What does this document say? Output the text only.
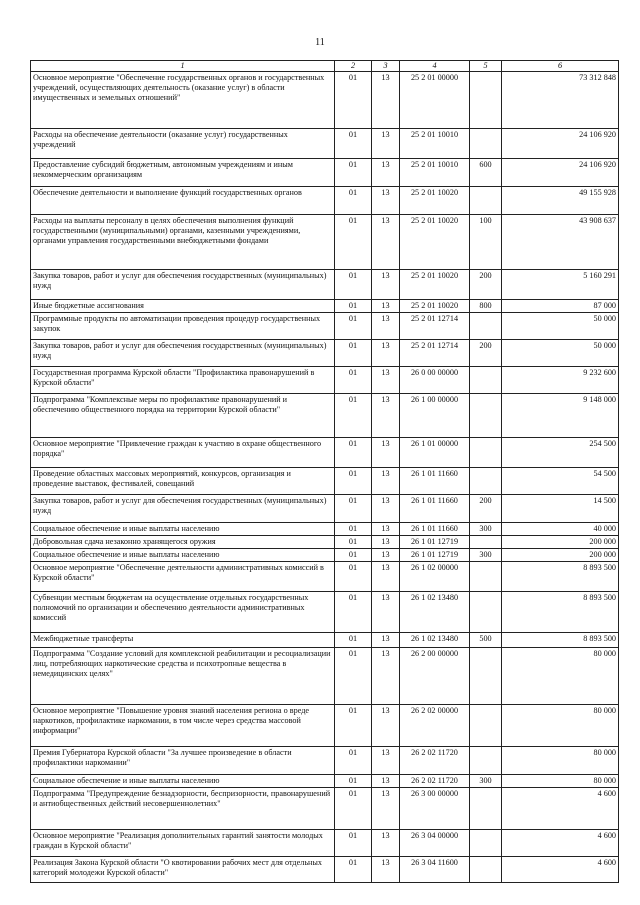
11
1	2	3	4	5	6
Основное мероприятие "Обеспечение государственных органов и государственных учреждений, осуществляющих деятельность (оказание услуг) в области имущественных и земельных отношений"	01	13	25 2 01 00000		73 312 848
Расходы на обеспечение деятельности (оказание услуг) государственных учреждений	01	13	25 2 01 10010		24 106 920
Предоставление субсидий бюджетным, автономным учреждениям и иным некоммерческим организациям	01	13	25 2 01 10010	600	24 106 920
Обеспечение деятельности и выполнение функций государственных органов	01	13	25 2 01 10020		49 155 928
Расходы на выплаты персоналу в целях обеспечения выполнения функций государственными (муниципальными) органами, казенными учреждениями, органами управления государственными внебюджетными фондами	01	13	25 2 01 10020	100	43 908 637
Закупка товаров, работ и услуг для обеспечения государственных (муниципальных) нужд	01	13	25 2 01 10020	200	5 160 291
Иные бюджетные ассигнования	01	13	25 2 01 10020	800	87 000
Программные продукты по автоматизации проведения процедур государственных закупок	01	13	25 2 01 12714		50 000
Закупка товаров, работ и услуг для обеспечения государственных (муниципальных) нужд	01	13	25 2 01 12714	200	50 000
Государственная программа Курской области "Профилактика правонарушений в Курской области"	01	13	26 0 00 00000		9 232 600
Подпрограмма "Комплексные меры по профилактике правонарушений и обеспечению общественного порядка на территории Курской области"	01	13	26 1 00 00000		9 148 000
Основное мероприятие "Привлечение граждан к участию в охране общественного порядка"	01	13	26 1 01 00000		254 500
Проведение областных массовых мероприятий, конкурсов, организация и проведение выставок, фестивалей, совещаний	01	13	26 1 01 11660		54 500
Закупка товаров, работ и услуг для обеспечения государственных (муниципальных) нужд	01	13	26 1 01 11660	200	14 500
Социальное обеспечение и иные выплаты населению	01	13	26 1 01 11660	300	40 000
Добровольная сдача незаконно хранящегося оружия	01	13	26 1 01 12719		200 000
Социальное обеспечение и иные выплаты населению	01	13	26 1 01 12719	300	200 000
Основное мероприятие "Обеспечение деятельности административных комиссий в Курской области"	01	13	26 1 02 00000		8 893 500
Субвенции местным бюджетам на осуществление отдельных государственных полномочий по организации и обеспечению деятельности административных комиссий	01	13	26 1 02 13480		8 893 500
Межбюджетные трансферты	01	13	26 1 02 13480	500	8 893 500
Подпрограмма "Создание условий для комплексной реабилитации и ресоциализации лиц, потребляющих наркотические средства и психотропные вещества в немедицинских целях"	01	13	26 2 00 00000		80 000
Основное мероприятие "Повышение уровня знаний населения региона о вреде наркотиков, профилактике наркомании, в том числе через средства массовой информации"	01	13	26 2 02 00000		80 000
Премия Губернатора Курской области "За лучшее произведение в области профилактики наркомании"	01	13	26 2 02 11720		80 000
Социальное обеспечение и иные выплаты населению	01	13	26 2 02 11720	300	80 000
Подпрограмма "Предупреждение безнадзорности, беспризорности, правонарушений и антиобщественных действий несовершеннолетних"	01	13	26 3 00 00000		4 600
Основное мероприятие "Реализация дополнительных гарантий занятости молодых граждан в Курской области"	01	13	26 3 04 00000		4 600
Реализация Закона Курской области "О квотировании рабочих мест для отдельных категорий молодежи Курской области"	01	13	26 3 04 11600		4 600
